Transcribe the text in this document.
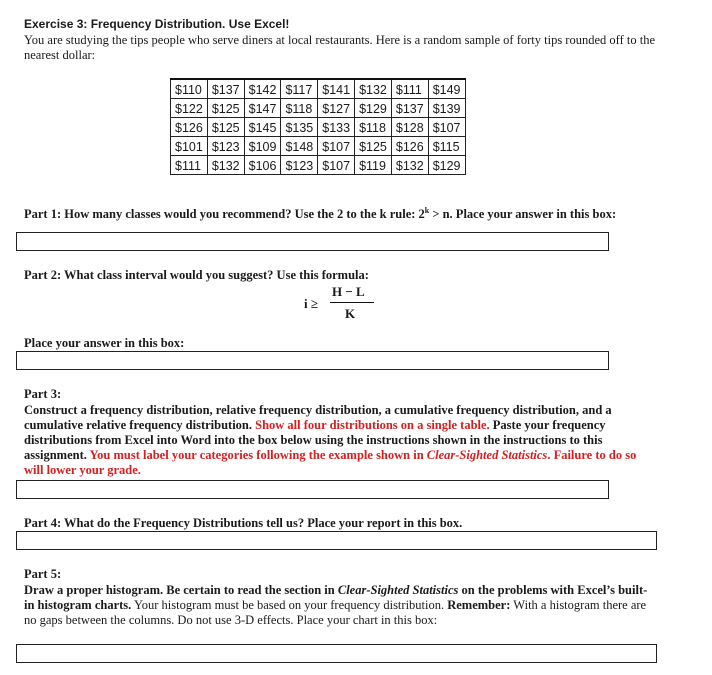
Exercise 3: Frequency Distribution. Use Excel!
You are studying the tips people who serve diners at local restaurants. Here is a random sample of forty tips rounded off to the nearest dollar:
$110	$137	$142	$117	$141	$132	$111	$149
$122	$125	$147	$118	$127	$129	$137	$139
$126	$125	$145	$135	$133	$118	$128	$107
$101	$123	$109	$148	$107	$125	$126	$115
$111	$132	$106	$123	$107	$119	$132	$129
Part 1: How many classes would you recommend? Use the 2 to the k rule: $2^k > n$. Place your answer in this box:
Part 2: What class interval would you suggest? Use this formula:
i ≥
H − L
K
Place your answer in this box:
Part 3:
Construct a frequency distribution, relative frequency distribution, a cumulative frequency distribution, and a cumulative relative frequency distribution. Show all four distributions on a single table. Paste your frequency distributions from Excel into Word into the box below using the instructions shown in the instructions to this assignment. You must label your categories following the example shown in Clear-Sighted Statistics. Failure to do so will lower your grade.
Part 4: What do the Frequency Distributions tell us? Place your report in this box.
Part 5:
Draw a proper histogram. Be certain to read the section in Clear-Sighted Statistics on the problems with Excel’s built-in histogram charts. Your histogram must be based on your frequency distribution. Remember: With a histogram there are no gaps between the columns. Do not use 3-D effects. Place your chart in this box:
